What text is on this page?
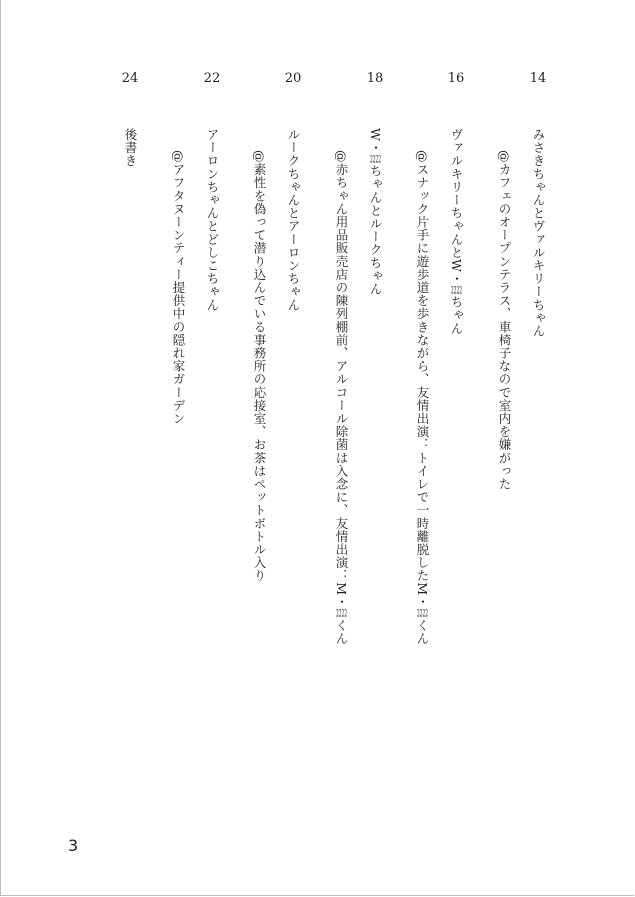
14
みさきちゃんとヴァルキリーちゃん
@カフェのオープンテラス、車椅子なので室内を嫌がった
16
ヴァルキリーちゃんとW・2222ちゃん
@スナック片手に遊歩道を歩きながら、友情出演：トイレで一時離脱したM・2222くん
18
W・2222ちゃんとルークちゃん
@赤ちゃん用品販売店の陳列棚前、アルコール除菌は入念に、友情出演：M・2222くん
20
ルークちゃんとアーロンちゃん
@素性を偽って潜り込んでいる事務所の応接室、お茶はペットボトル入り
22
アーロンちゃんとどしこちゃん
@アフタヌーンティー提供中の隠れ家ガーデン
24
後書き
3
